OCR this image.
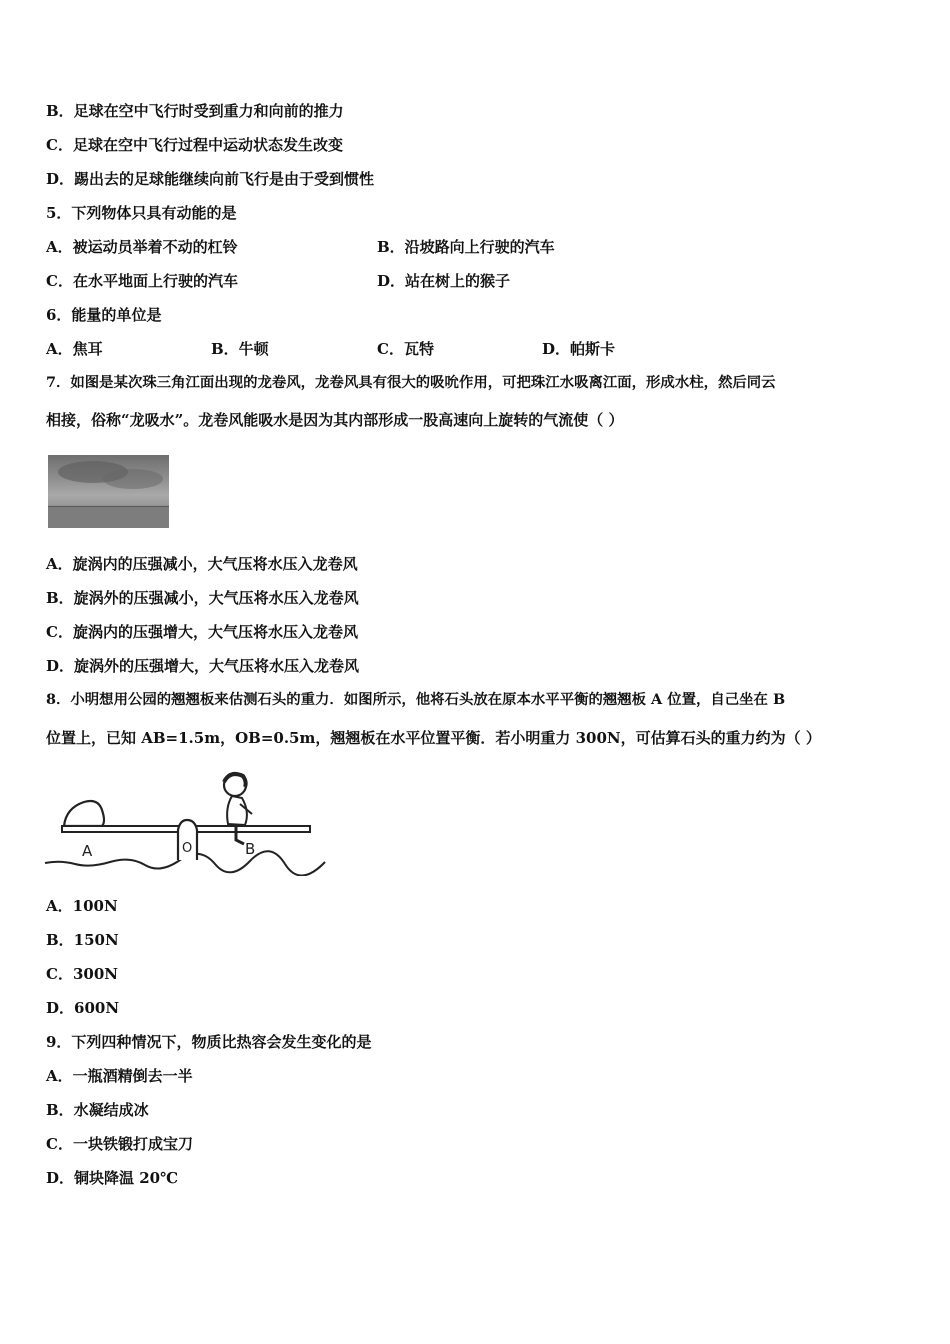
B．足球在空中飞行时受到重力和向前的推力
C．足球在空中飞行过程中运动状态发生改变
D．踢出去的足球能继续向前飞行是由于受到惯性
5．下列物体只具有动能的是
A．被运动员举着不动的杠铃	B．沿坡路向上行驶的汽车
C．在水平地面上行驶的汽车	D．站在树上的猴子
6．能量的单位是
A．焦耳	B．牛顿	C．瓦特	D．帕斯卡
7．如图是某次珠三角江面出现的龙卷风，龙卷风具有很大的吸吮作用，可把珠江水吸离江面，形成水柱，然后同云
相接，俗称“龙吸水”。龙卷风能吸水是因为其内部形成一股高速向上旋转的气流使（ ）
A．旋涡内的压强减小，大气压将水压入龙卷风
B．旋涡外的压强减小，大气压将水压入龙卷风
C．旋涡内的压强增大，大气压将水压入龙卷风
D．旋涡外的压强增大，大气压将水压入龙卷风
8．小明想用公园的翘翘板来估测石头的重力．如图所示，他将石头放在原本水平平衡的翘翘板 A 位置，自己坐在 B
位置上，已知 AB=1.5m，OB=0.5m，翘翘板在水平位置平衡．若小明重力 300N，可估算石头的重力约为（ ）
A	O	B
A．100N
B．150N
C．300N
D．600N
9．下列四种情况下，物质比热容会发生变化的是
A．一瓶酒精倒去一半
B．水凝结成冰
C．一块铁锻打成宝刀
D．铜块降温 20℃
